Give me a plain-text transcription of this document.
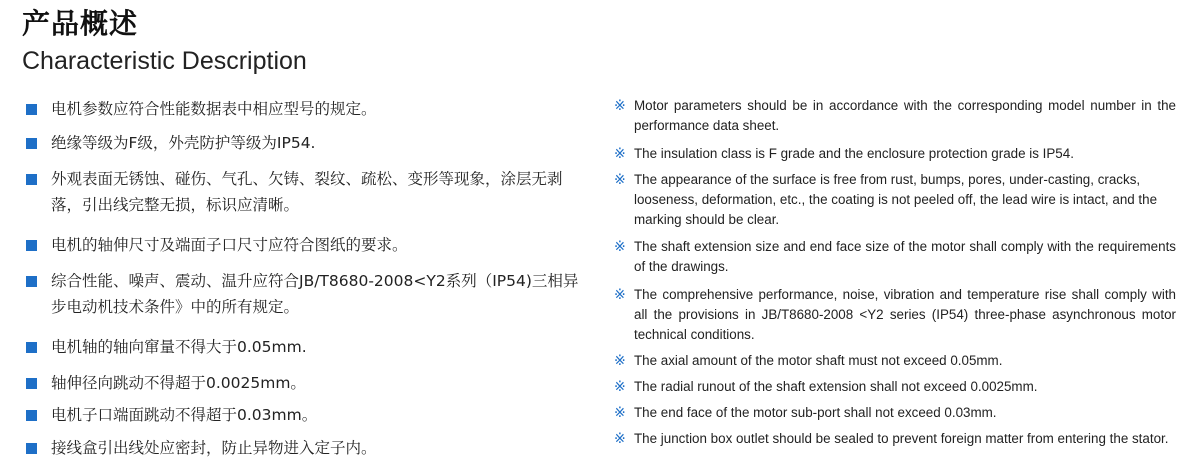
产品概述
Characteristic Description
电机参数应符合性能数据表中相应型号的规定。
绝缘等级为F级，外壳防护等级为IP54.
外观表面无锈蚀、碰伤、气孔、欠铸、裂纹、疏松、变形等现象，涂层无剥落，引出线完整无损，标识应清晰。
电机的轴伸尺寸及端面子口尺寸应符合图纸的要求。
综合性能、噪声、震动、温升应符合JB/T8680-2008<Y2系列（IP54)三相异步电动机技术条件》中的所有规定。
电机轴的轴向窜量不得大于0.05mm.
轴伸径向跳动不得超于0.0025mm。
电机子口端面跳动不得超于0.03mm。
接线盒引出线处应密封，防止异物进入定子内。
※ Motor parameters should be in accordance with the corresponding model number in the performance data sheet.
※ The insulation class is F grade and the enclosure protection grade is IP54.
※ The appearance of the surface is free from rust, bumps, pores, under-casting, cracks, looseness, deformation, etc., the coating is not peeled off, the lead wire is intact, and the marking should be clear.
※ The shaft extension size and end face size of the motor shall comply with the requirements of the drawings.
※ The comprehensive performance, noise, vibration and temperature rise shall comply with all the provisions in JB/T8680-2008 <Y2 series (IP54) three-phase asynchronous motor technical conditions.
※ The axial amount of the motor shaft must not exceed 0.05mm.
※ The radial runout of the shaft extension shall not exceed 0.0025mm.
※ The end face of the motor sub-port shall not exceed 0.03mm.
※ The junction box outlet should be sealed to prevent foreign matter from entering the stator.
